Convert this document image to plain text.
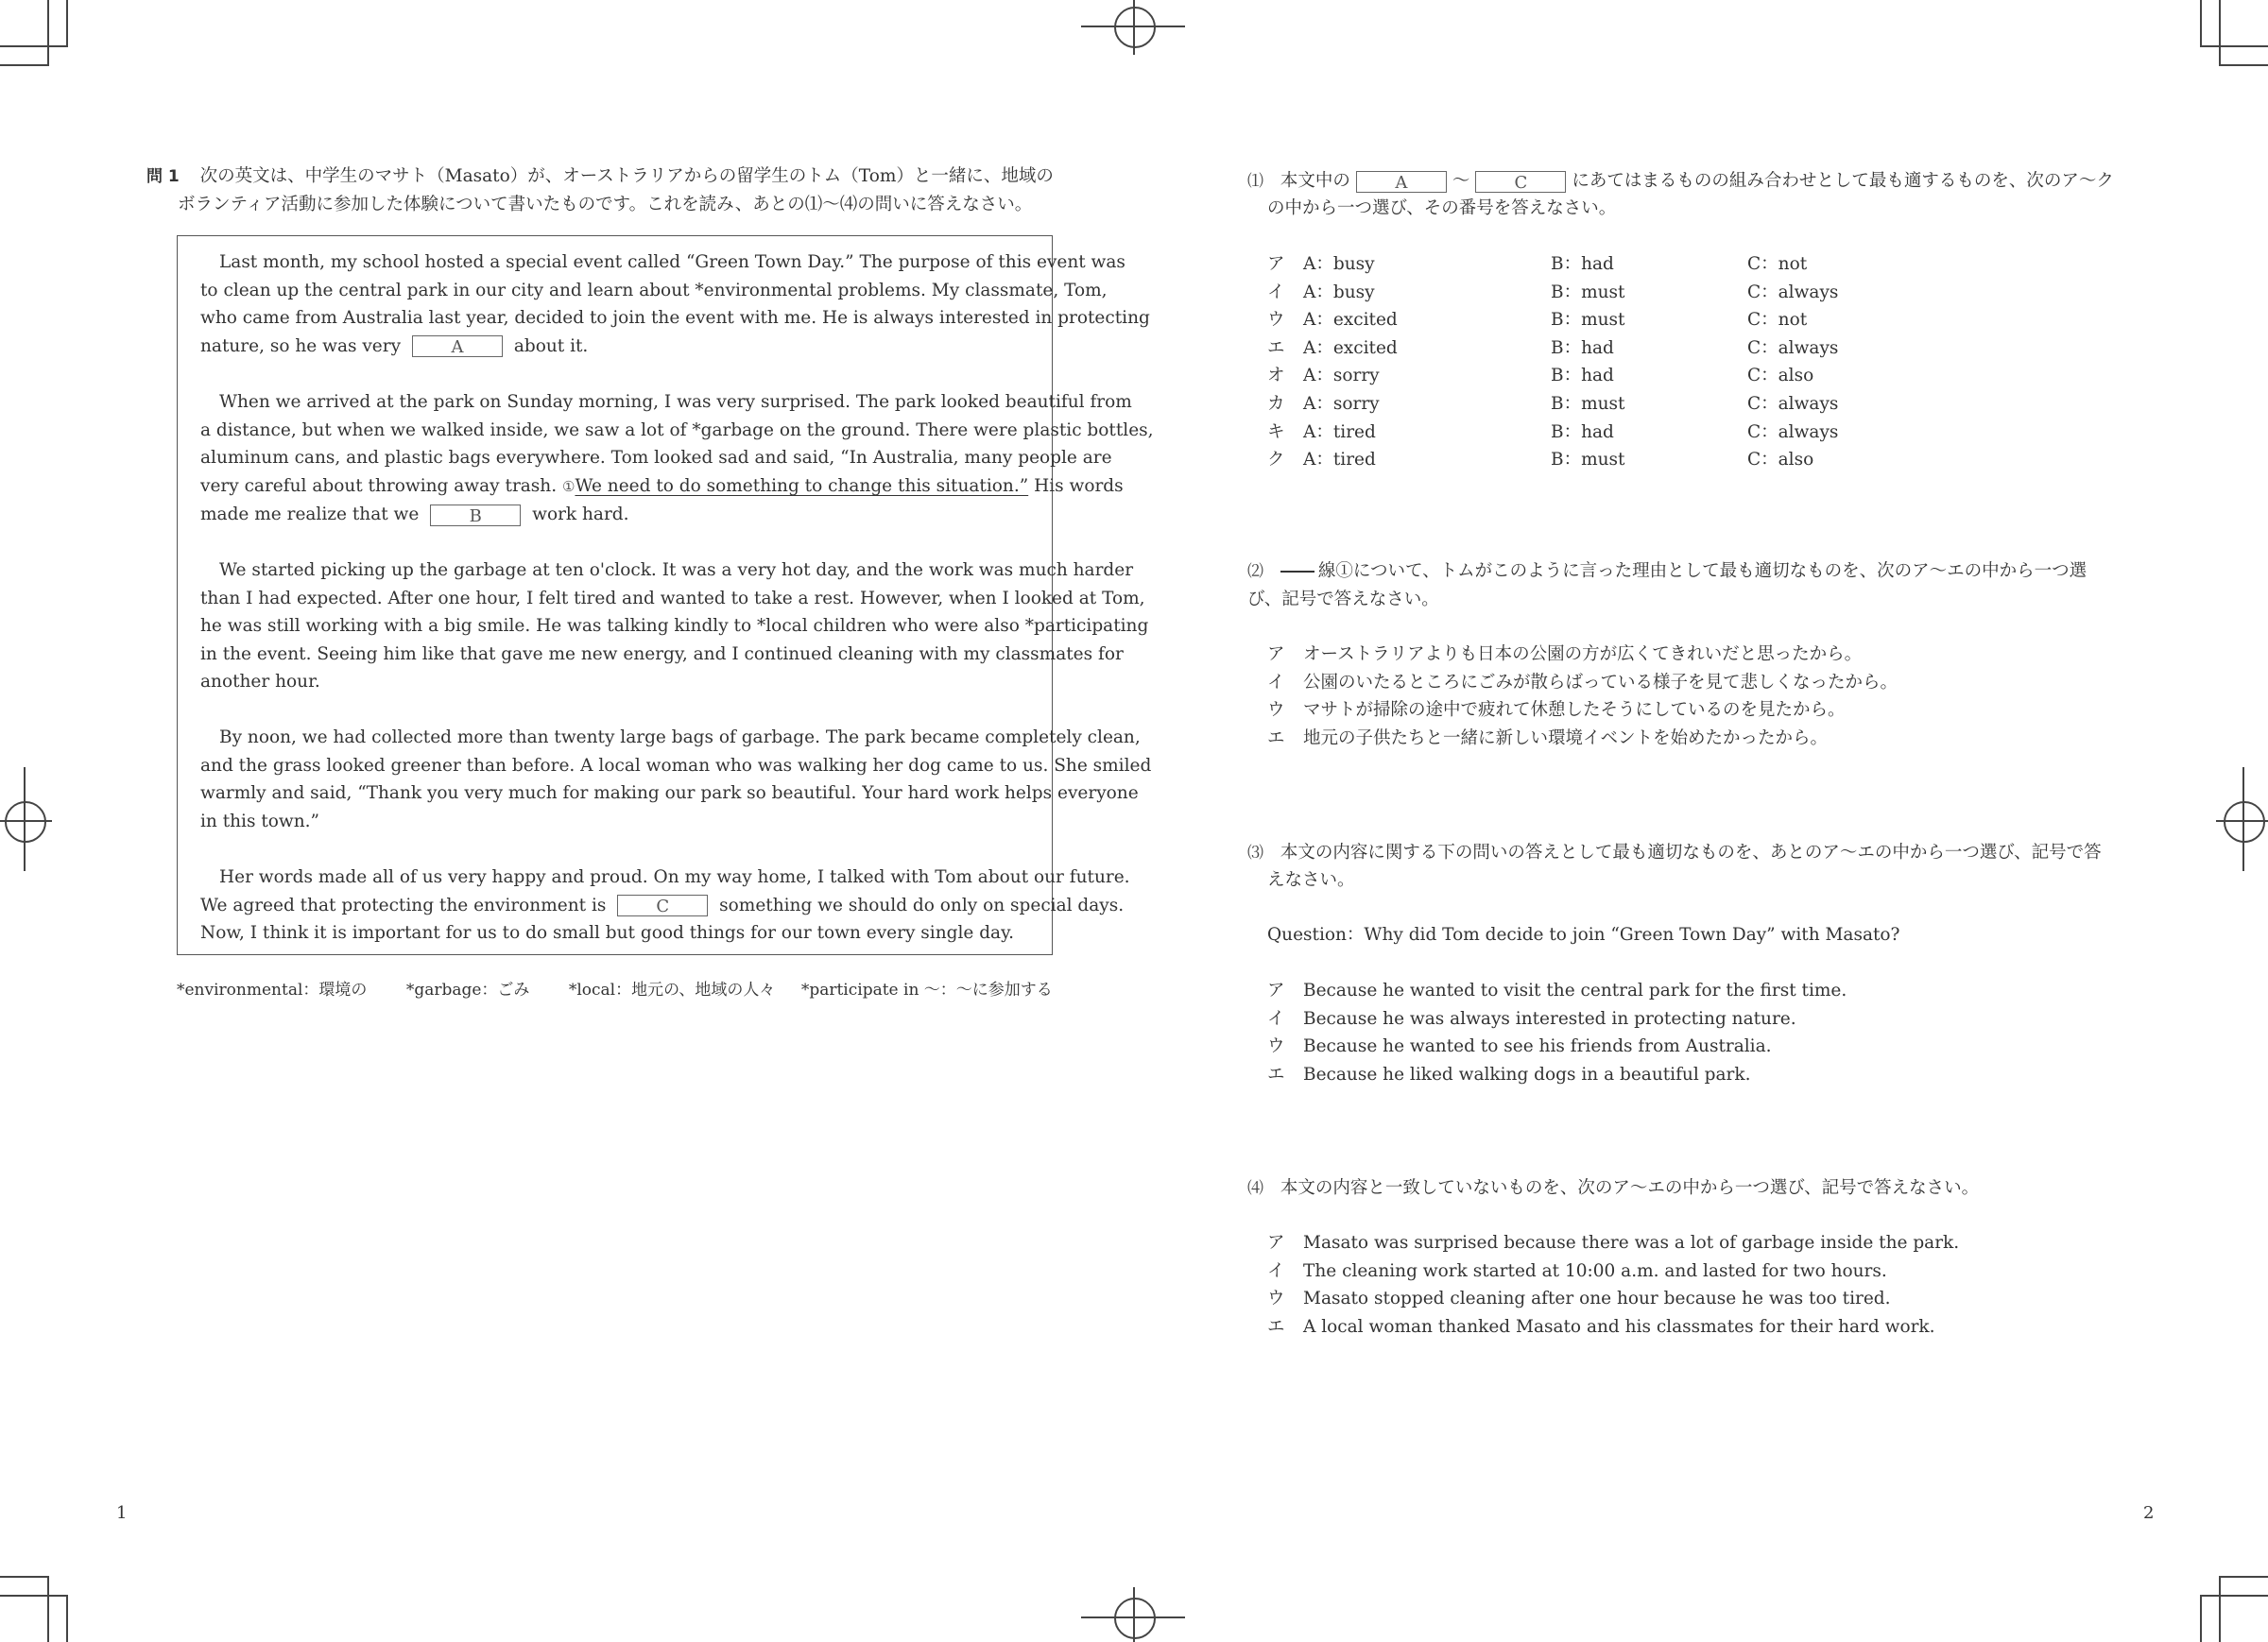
問 1 次の英文は、中学生のマサト（Masato）が、オーストラリアからの留学生のトム（Tom）と一緒に、地域の
ボランティア活動に参加した体験について書いたものです。これを読み、あとの⑴〜⑷の問いに答えなさい。

Last month, my school hosted a special event called “Green Town Day.” The purpose of this event was

to clean up the central park in our city and learn about *environmental problems. My classmate, Tom,

who came from Australia last year, decided to join the event with me. He is always interested in protecting

nature, so he was very	A	about it.

When we arrived at the park on Sunday morning, I was very surprised. The park looked beautiful from

a distance, but when we walked inside, we saw a lot of *garbage on the ground. There were plastic bottles,

aluminum cans, and plastic bags everywhere. Tom looked sad and said, “In Australia, many people are

very careful about throwing away trash. ①We need to do something to change this situation.” His words

made me realize that we	B	work hard.

We started picking up the garbage at ten o'clock. It was a very hot day, and the work was much harder

than I had expected. After one hour, I felt tired and wanted to take a rest. However, when I looked at Tom,

he was still working with a big smile. He was talking kindly to *local children who were also *participating

in the event. Seeing him like that gave me new energy, and I continued cleaning with my classmates for

another hour.

By noon, we had collected more than twenty large bags of garbage. The park became completely clean,

and the grass looked greener than before. A local woman who was walking her dog came to us. She smiled

warmly and said, “Thank you very much for making our park so beautiful. Your hard work helps everyone

in this town.”

Her words made all of us very happy and proud. On my way home, I talked with Tom about our future.

We agreed that protecting the environment is	C	something we should do only on special days.

Now, I think it is important for us to do small but good things for our town every single day.

*environmental：環境の *garbage：ごみ *local：地元の、地域の人々 *participate in 〜：〜に参加する
1
⑴ 本文中の	A	〜	C	にあてはまるものの組み合わせとして最も適するものを、次のア〜ク
の中から一つ選び、その番号を答えなさい。
ア A：busy	B：had	C：not
イ A：busy	B：must	C：always
ウ A：excited	B：must	C：not
エ A：excited	B：had	C：always
オ A：sorry	B：had	C：also
カ A：sorry	B：must	C：always
キ A：tired	B：had	C：always
ク A：tired	B：must	C：also
⑵	線①について、トムがこのように言った理由として最も適切なものを、次のア〜エの中から一つ選
び、記号で答えなさい。
ア オーストラリアよりも日本の公園の方が広くてきれいだと思ったから。
イ 公園のいたるところにごみが散らばっている様子を見て悲しくなったから。
ウ マサトが掃除の途中で疲れて休憩したそうにしているのを見たから。
エ 地元の子供たちと一緒に新しい環境イベントを始めたかったから。
⑶ 本文の内容に関する下の問いの答えとして最も適切なものを、あとのア〜エの中から一つ選び、記号で答
えなさい。
Question：Why did Tom decide to join “Green Town Day” with Masato?
ア Because he wanted to visit the central park for the first time.
イ Because he was always interested in protecting nature.
ウ Because he wanted to see his friends from Australia.
エ Because he liked walking dogs in a beautiful park.
⑷ 本文の内容と一致していないものを、次のア〜エの中から一つ選び、記号で答えなさい。
ア Masato was surprised because there was a lot of garbage inside the park.
イ The cleaning work started at 10:00 a.m. and lasted for two hours.
ウ Masato stopped cleaning after one hour because he was too tired.
エ A local woman thanked Masato and his classmates for their hard work.
2
